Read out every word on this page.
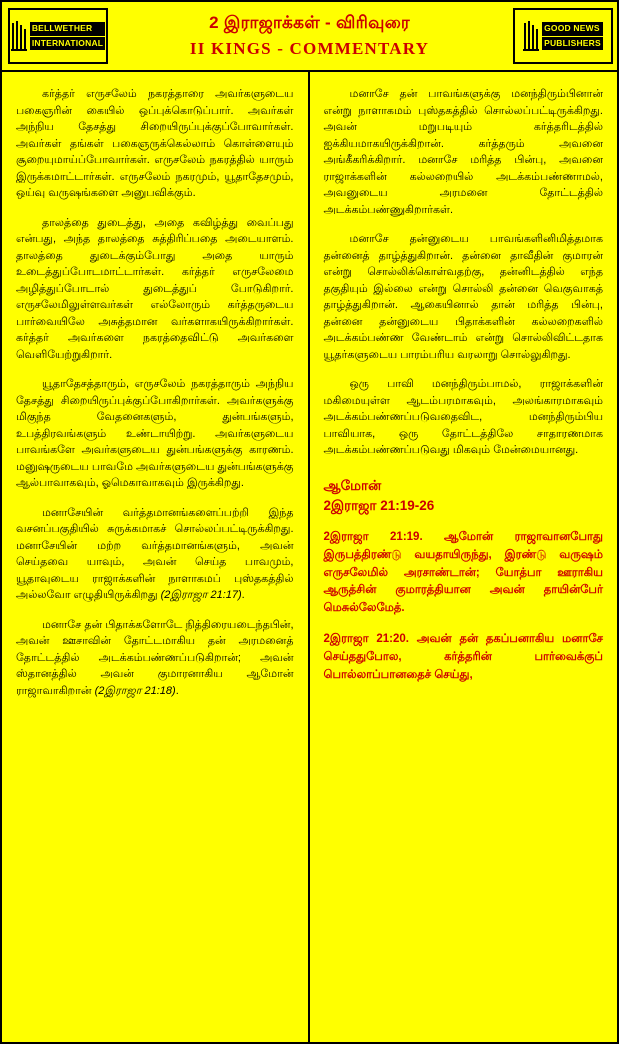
BELLWETHER
INTERNATIONAL
2 இராஜாக்கள் - விரிவுரை
II KINGS - COMMENTARY
GOOD NEWS
PUBLISHERS

கர்த்தர் எருசலேம் நகரத்தாரை அவர்களுடைய பகைஞரின் கையில் ஒப்புக்கொடுப்பார். அவர்கள் அந்நிய தேசத்து சிறையிருப்புக்குப்போவார்கள். அவர்கள் தங்கள் பகைஞருக்கெல்லாம் கொள்ளையும் சூறையுமாய்ப்போவார்கள். எருசலேம் நகரத்தில் யாரும் இருக்கமாட்டார்கள். எருசலேம் நகரமும், யூதாதேசமும், ஒய்வு வருஷங்களை அனுபவிக்கும்.

தாலத்தை துடைத்து, அதை கவிழ்த்து வைப்பது என்பது, அந்த தாலத்தை சுத்திரிப்பதை அடையாளம். தாலத்தை துடைக்கும்போது அதை யாரும் உடைத்துப்போடமாட்டார்கள். கர்த்தர் எருசலேமை அழித்துப்போடால் துடைத்துப் போடுகிறார். எருசலேமிலுள்ளவர்கள் எல்லோரும் கர்த்தருடைய பார்வையிலே அசுத்தமான வர்களாகயிருக்கிறார்கள். கர்த்தர் அவர்களை நகரத்தைவிட்டு அவர்களை வெளியேற்றுகிறார்.

யூதாதேசத்தாரும், எருசலேம் நகரத்தாரும் அந்நிய தேசத்து சிறையிருப்புக்குப்போகிறார்கள். அவர்களுக்கு மிகுந்த வேதனைகளும், துன்பங்களும், உபத்திரவங்களும் உண்டாயிற்று. அவர்களுடைய பாவங்களே அவர்களுடைய துன்பங்களுக்கு காரணம். மனுஷருடைய பாவமே அவர்களுடைய துன்பங்களுக்கு ஆல்பாவாகவும், ஓமெகாவாகவும் இருக்கிறது.

மனாசேயின் வர்த்தமானங்களைப்பற்றி இந்த வசனப்பகுதியில் சுருக்கமாகச் சொல்லப்பட்டிருக்கிறது. மனாசேயின் மற்ற வர்த்தமானங்களும், அவன் செய்தவை யாவும், அவன் செய்த பாவமும், யூதாவுடைய ராஜாக்களின் நாளாகமப் புஸ்தகத்தில் அல்லவோ எழுதியிருக்கிறது (2இராஜா 21:17).

மனாசே தன் பிதாக்களோடே நித்திரையடைந்தபின், அவன் ஊசாவின் தோட்டமாகிய தன் அரமனைத் தோட்டத்தில் அடக்கம்பண்ணப்படுகிறான்; அவன் ஸ்தானத்தில் அவன் குமாரனாகிய ஆமோன் ராஜாவாகிறான் (2இராஜா 21:18).

மனாசே தன் பாவங்களுக்கு மனந்திரும்பினான் என்று நாளாகமம் புஸ்தகத்தில் சொல்லப்பட்டிருக்கிறது. அவன் மறுபடியும் கர்த்தரிடத்தில் ஐக்கியமாகயிருக்கிறான். கர்த்தரும் அவனை அங்கீகரிக்கிறார். மனாசே மரித்த பின்பு, அவனை ராஜாக்களின் கல்லறையில் அடக்கம்பண்ணாமல், அவனுடைய அரமனை தோட்டத்தில் அடக்கம்பண்ணுகிறார்கள்.

மனாசே தன்னுடைய பாவங்களினிமித்தமாக தன்னைத் தாழ்த்துகிறான். தன்னை தாவீதின் குமாரன் என்று சொல்லிக்கொள்வதற்கு, தன்னிடத்தில் எந்த தகுதியும் இல்லை என்று சொல்லி தன்னை வெகுவாகத் தாழ்த்துகிறான். ஆகையினால் தான் மரித்த பின்பு, தன்னை தன்னுடைய பிதாக்களின் கல்லறைகளில் அடக்கம்பண்ண வேண்டாம் என்று சொல்லிவிட்டதாக யூதர்களுடைய பாரம்பரிய வரலாறு சொல்லுகிறது.

ஒரு பாவி மனந்திரும்பாமல், ராஜாக்களின் மகிமையுள்ள ஆடம்பரமாகவும், அலங்காரமாகவும் அடக்கம்பண்ணப்படுவதைவிட, மனந்திரும்பிய பாவியாக, ஒரு தோட்டத்திலே சாதாரணமாக அடக்கம்பண்ணப்படுவது மிகவும் மேன்மையானது.

ஆமோன்
2இராஜா 21:19-26

2இராஜா 21:19. ஆமோன் ராஜாவானபோது இருபத்திரண்டு வயதாயிருந்து, இரண்டு வருஷம் எருசலேமில் அரசாண்டான்; யோத்பா ஊராகிய ஆருத்சின் குமாரத்தியான அவன் தாயின்பேர் மெசுல்லேமேத்.

2இராஜா 21:20. அவன் தன் தகப்பனாகிய மனாசே செய்ததுபோல, கர்த்தரின் பார்வைக்குப் பொல்லாப்பானதைச் செய்து,
